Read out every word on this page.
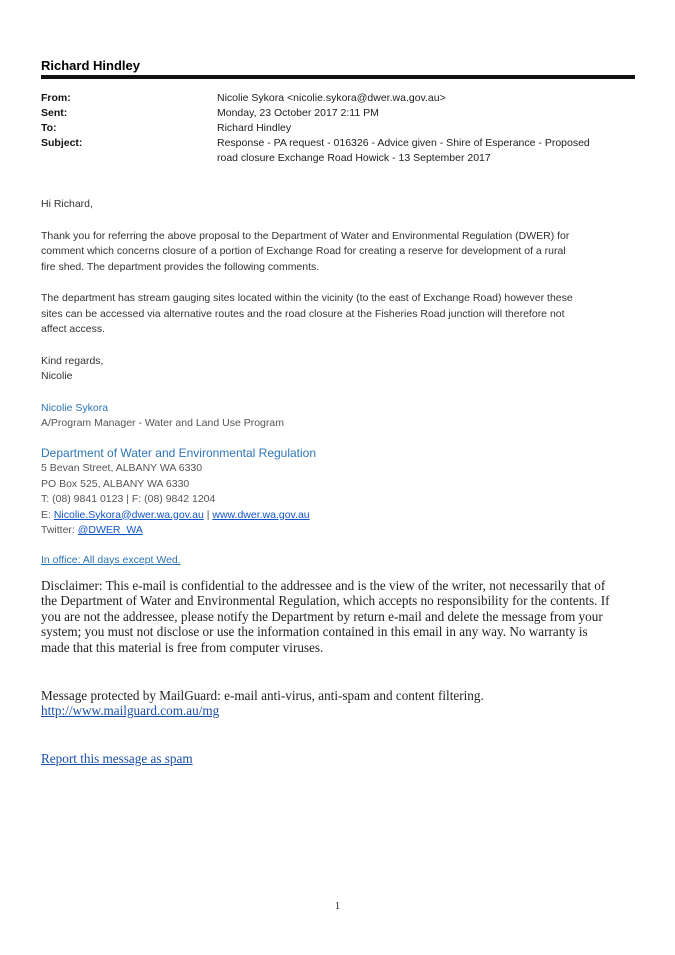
Richard Hindley
From:	Nicolie Sykora <nicolie.sykora@dwer.wa.gov.au>
Sent:	Monday, 23 October 2017 2:11 PM
To:	Richard Hindley
Subject:	Response - PA request - 016326 - Advice given - Shire of Esperance - Proposed
road closure Exchange Road Howick - 13 September 2017

Hi Richard,

Thank you for referring the above proposal to the Department of Water and Environmental Regulation (DWER) for

comment which concerns closure of a portion of Exchange Road for creating a reserve for development of a rural

fire shed. The department provides the following comments.

The department has stream gauging sites located within the vicinity (to the east of Exchange Road) however these

sites can be accessed via alternative routes and the road closure at the Fisheries Road junction will therefore not

affect access.

Kind regards,

Nicolie

Nicolie Sykora

A/Program Manager - Water and Land Use Program

Department of Water and Environmental Regulation

5 Bevan Street, ALBANY WA 6330

PO Box 525, ALBANY WA 6330

T: (08) 9841 0123 | F: (08) 9842 1204

E: Nicolie.Sykora@dwer.wa.gov.au | www.dwer.wa.gov.au

Twitter: @DWER_WA

In office: All days except Wed.

Disclaimer: This e-mail is confidential to the addressee and is the view of the writer, not necessarily that of

the Department of Water and Environmental Regulation, which accepts no responsibility for the contents. If

you are not the addressee, please notify the Department by return e-mail and delete the message from your

system; you must not disclose or use the information contained in this email in any way. No warranty is

made that this material is free from computer viruses.

Message protected by MailGuard: e-mail anti-virus, anti-spam and content filtering.

http://www.mailguard.com.au/mg

Report this message as spam

1
